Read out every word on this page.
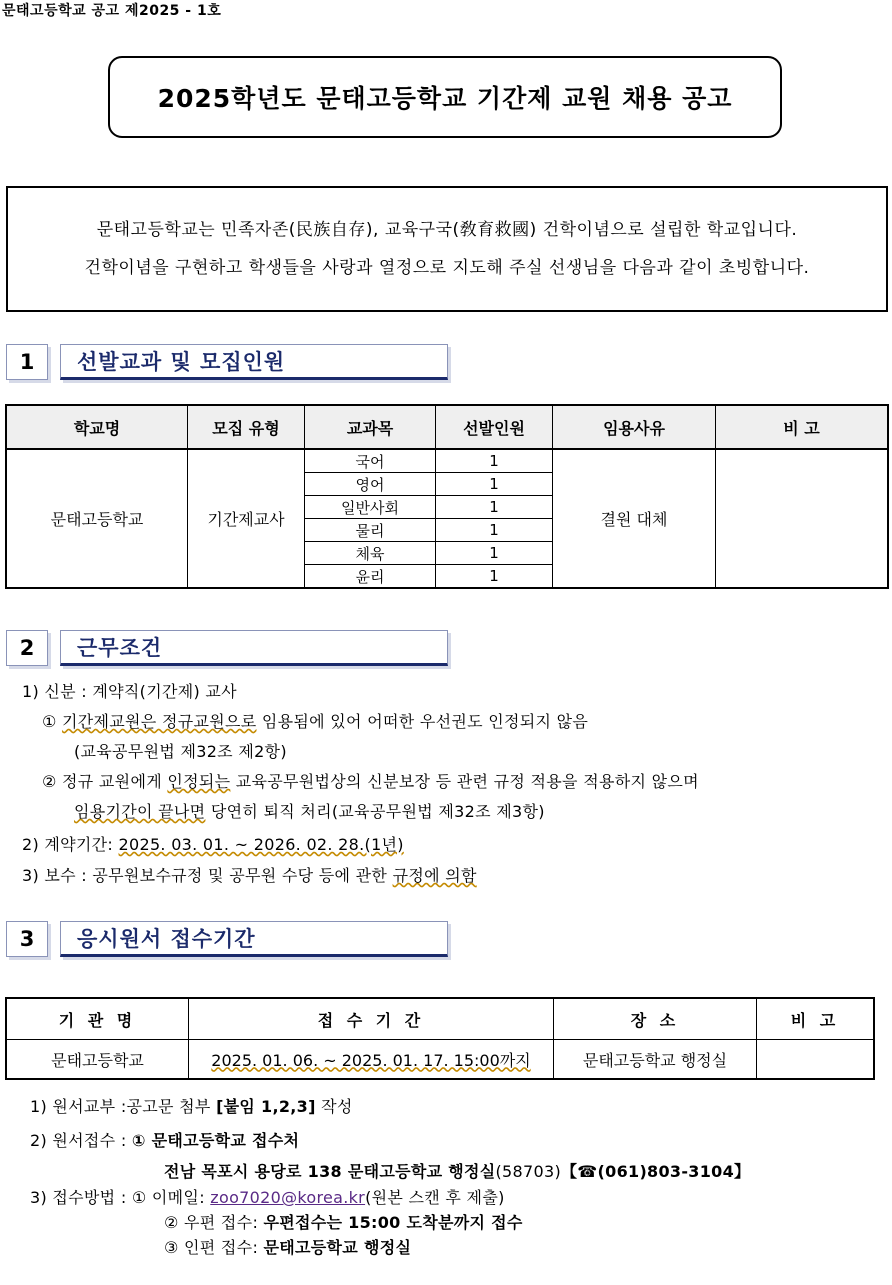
문태고등학교 공고 제2025 - 1호
2025학년도 문태고등학교 기간제 교원 채용 공고
문태고등학교는 민족자존(民族自存), 교육구국(敎育救國) 건학이념으로 설립한 학교입니다.
건학이념을 구현하고 학생들을 사랑과 열정으로 지도해 주실 선생님을 다음과 같이 초빙합니다.
1	선발교과 및 모집인원
학교명	모집 유형	교과목	선발인원	임용사유	비 고
문태고등학교	기간제교사	국어	1	결원 대체	
		영어	1		
		일반사회	1		
		물리	1		
		체육	1		
		윤리	1		
2	근무조건
1) 신분 : 계약직(기간제) 교사
① 기간제교원은 정규교원으로 임용됨에 있어 어떠한 우선권도 인정되지 않음
(교육공무원법 제32조 제2항)
② 정규 교원에게 인정되는 교육공무원법상의 신분보장 등 관련 규정 적용을 적용하지 않으며
임용기간이 끝나면 당연히 퇴직 처리(교육공무원법 제32조 제3항)
2) 계약기간: 2025. 03. 01. ~ 2026. 02. 28.(1년)
3) 보수 : 공무원보수규정 및 공무원 수당 등에 관한 규정에 의함
3	응시원서 접수기간
기 관 명	접 수 기 간	장 소	비 고
문태고등학교	2025. 01. 06. ~ 2025. 01. 17. 15:00까지	문태고등학교 행정실	
1) 원서교부 :공고문 첨부 [붙임 1,2,3] 작성
2) 원서접수 : ① 문태고등학교 접수처
전남 목포시 용당로 138 문태고등학교 행정실(58703)【☎(061)803-3104】
3) 접수방법 : ① 이메일: zoo7020@korea.kr(원본 스캔 후 제출)
② 우편 접수: 우편접수는 15:00 도착분까지 접수
③ 인편 접수: 문태고등학교 행정실
